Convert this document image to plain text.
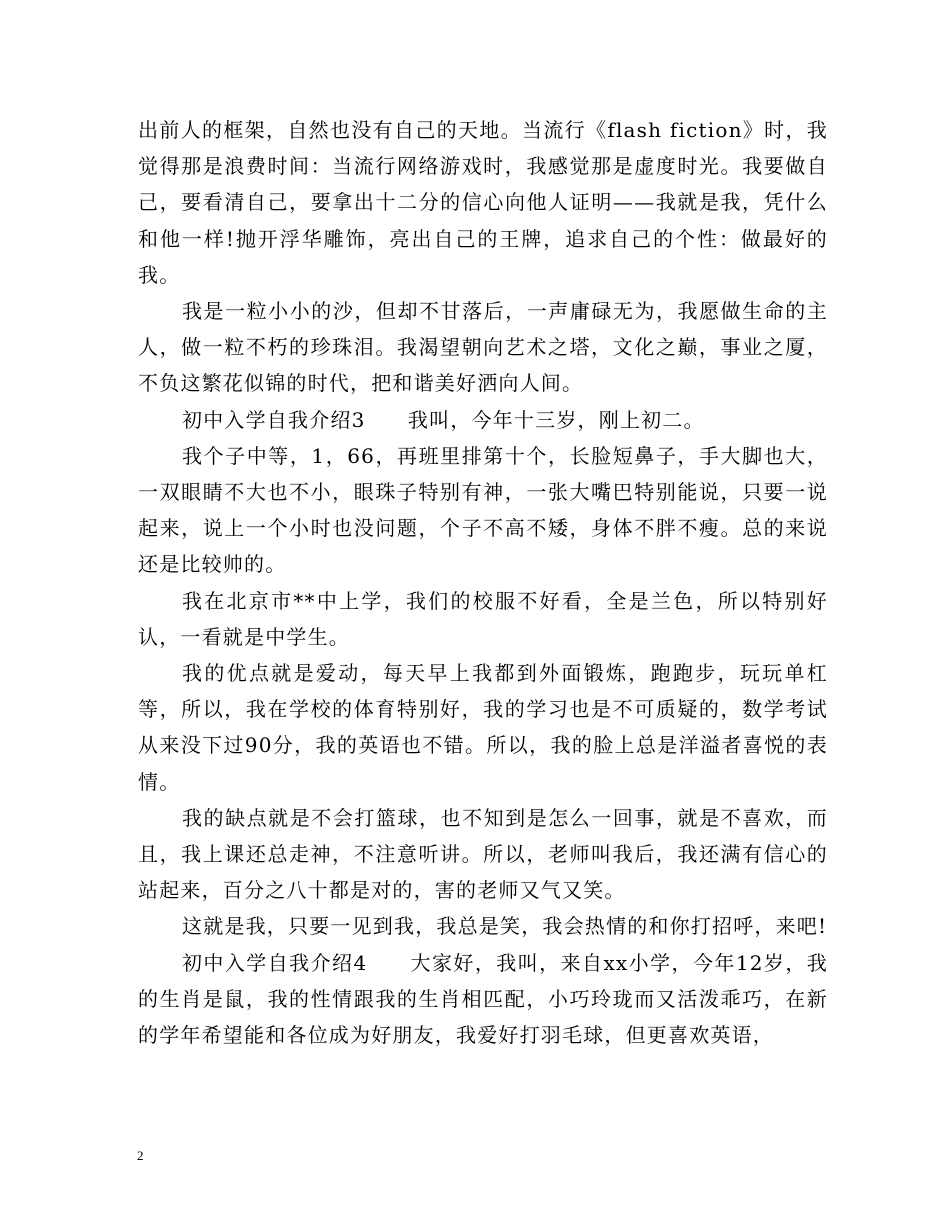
出前人的框架，自然也没有自己的天地。当流行《flash fiction》时，我觉得那是浪费时间：当流行网络游戏时，我感觉那是虚度时光。我要做自己，要看清自己，要拿出十二分的信心向他人证明——我就是我，凭什么和他一样!抛开浮华雕饰，亮出自己的王牌，追求自己的个性：做最好的我。

我是一粒小小的沙，但却不甘落后，一声庸碌无为，我愿做生命的主人，做一粒不朽的珍珠泪。我渴望朝向艺术之塔，文化之巅，事业之厦，不负这繁花似锦的时代，把和谐美好洒向人间。

初中入学自我介绍3　　我叫，今年十三岁，刚上初二。

我个子中等，1，66，再班里排第十个，长脸短鼻子，手大脚也大，一双眼睛不大也不小，眼珠子特别有神，一张大嘴巴特别能说，只要一说起来，说上一个小时也没问题，个子不高不矮，身体不胖不瘦。总的来说还是比较帅的。

我在北京市**中上学，我们的校服不好看，全是兰色，所以特别好认，一看就是中学生。

我的优点就是爱动，每天早上我都到外面锻炼，跑跑步，玩玩单杠等，所以，我在学校的体育特别好，我的学习也是不可质疑的，数学考试从来没下过90分，我的英语也不错。所以，我的脸上总是洋溢者喜悦的表情。

我的缺点就是不会打篮球，也不知到是怎么一回事，就是不喜欢，而且，我上课还总走神，不注意听讲。所以，老师叫我后，我还满有信心的站起来，百分之八十都是对的，害的老师又气又笑。

这就是我，只要一见到我，我总是笑，我会热情的和你打招呼，来吧!

初中入学自我介绍4　　大家好，我叫，来自xx小学，今年12岁，我的生肖是鼠，我的性情跟我的生肖相匹配，小巧玲珑而又活泼乖巧，在新的学年希望能和各位成为好朋友，我爱好打羽毛球，但更喜欢英语，

2
